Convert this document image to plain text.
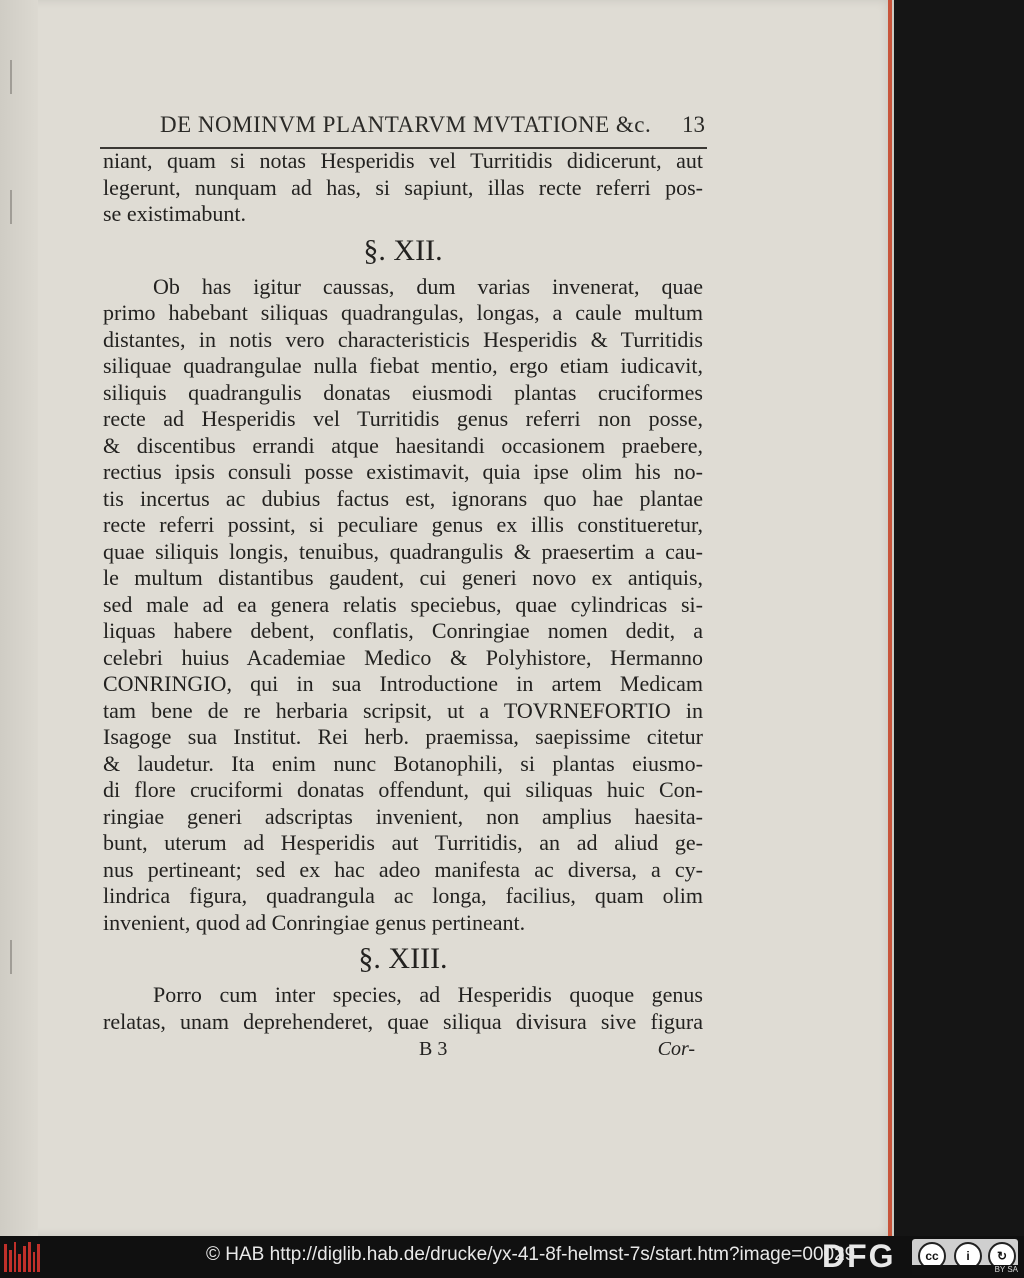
DE NOMINVM PLANTARVM MVTATIONE &c. 13
niant, quam si notas Hesperidis vel Turritidis didicerunt, aut
legerunt, nunquam ad has, si sapiunt, illas recte referri pos-
se existimabunt.
§. XII.
Ob has igitur caussas, dum varias invenerat, quae
primo habebant siliquas quadrangulas, longas, a caule multum
distantes, in notis vero characteristicis Hesperidis & Turritidis
siliquae quadrangulae nulla fiebat mentio, ergo etiam iudicavit,
siliquis quadrangulis donatas eiusmodi plantas cruciformes
recte ad Hesperidis vel Turritidis genus referri non posse,
& discentibus errandi atque haesitandi occasionem praebere,
rectius ipsis consuli posse existimavit, quia ipse olim his no-
tis incertus ac dubius factus est, ignorans quo hae plantae
recte referri possint, si peculiare genus ex illis constitueretur,
quae siliquis longis, tenuibus, quadrangulis & praesertim a cau-
le multum distantibus gaudent, cui generi novo ex antiquis,
sed male ad ea genera relatis speciebus, quae cylindricas si-
liquas habere debent, conflatis, Conringiae nomen dedit, a
celebri huius Academiae Medico & Polyhistore, Hermanno
CONRINGIO, qui in sua Introductione in artem Medicam
tam bene de re herbaria scripsit, ut a TOVRNEFORTIO in
Isagoge sua Institut. Rei herb. praemissa, saepissime citetur
& laudetur. Ita enim nunc Botanophili, si plantas eiusmo-
di flore cruciformi donatas offendunt, qui siliquas huic Con-
ringiae generi adscriptas invenient, non amplius haesita-
bunt, uterum ad Hesperidis aut Turritidis, an ad aliud ge-
nus pertineant; sed ex hac adeo manifesta ac diversa, a cy-
lindrica figura, quadrangula ac longa, facilius, quam olim
invenient, quod ad Conringiae genus pertineant.
§. XIII.
Porro cum inter species, ad Hesperidis quoque genus
relatas, unam deprehenderet, quae siliqua divisura sive figura
B 3	Cor-
© HAB http://diglib.hab.de/drucke/yx-41-8f-helmst-7s/start.htm?image=00029
DFG	cc	i	↻
BY SA
